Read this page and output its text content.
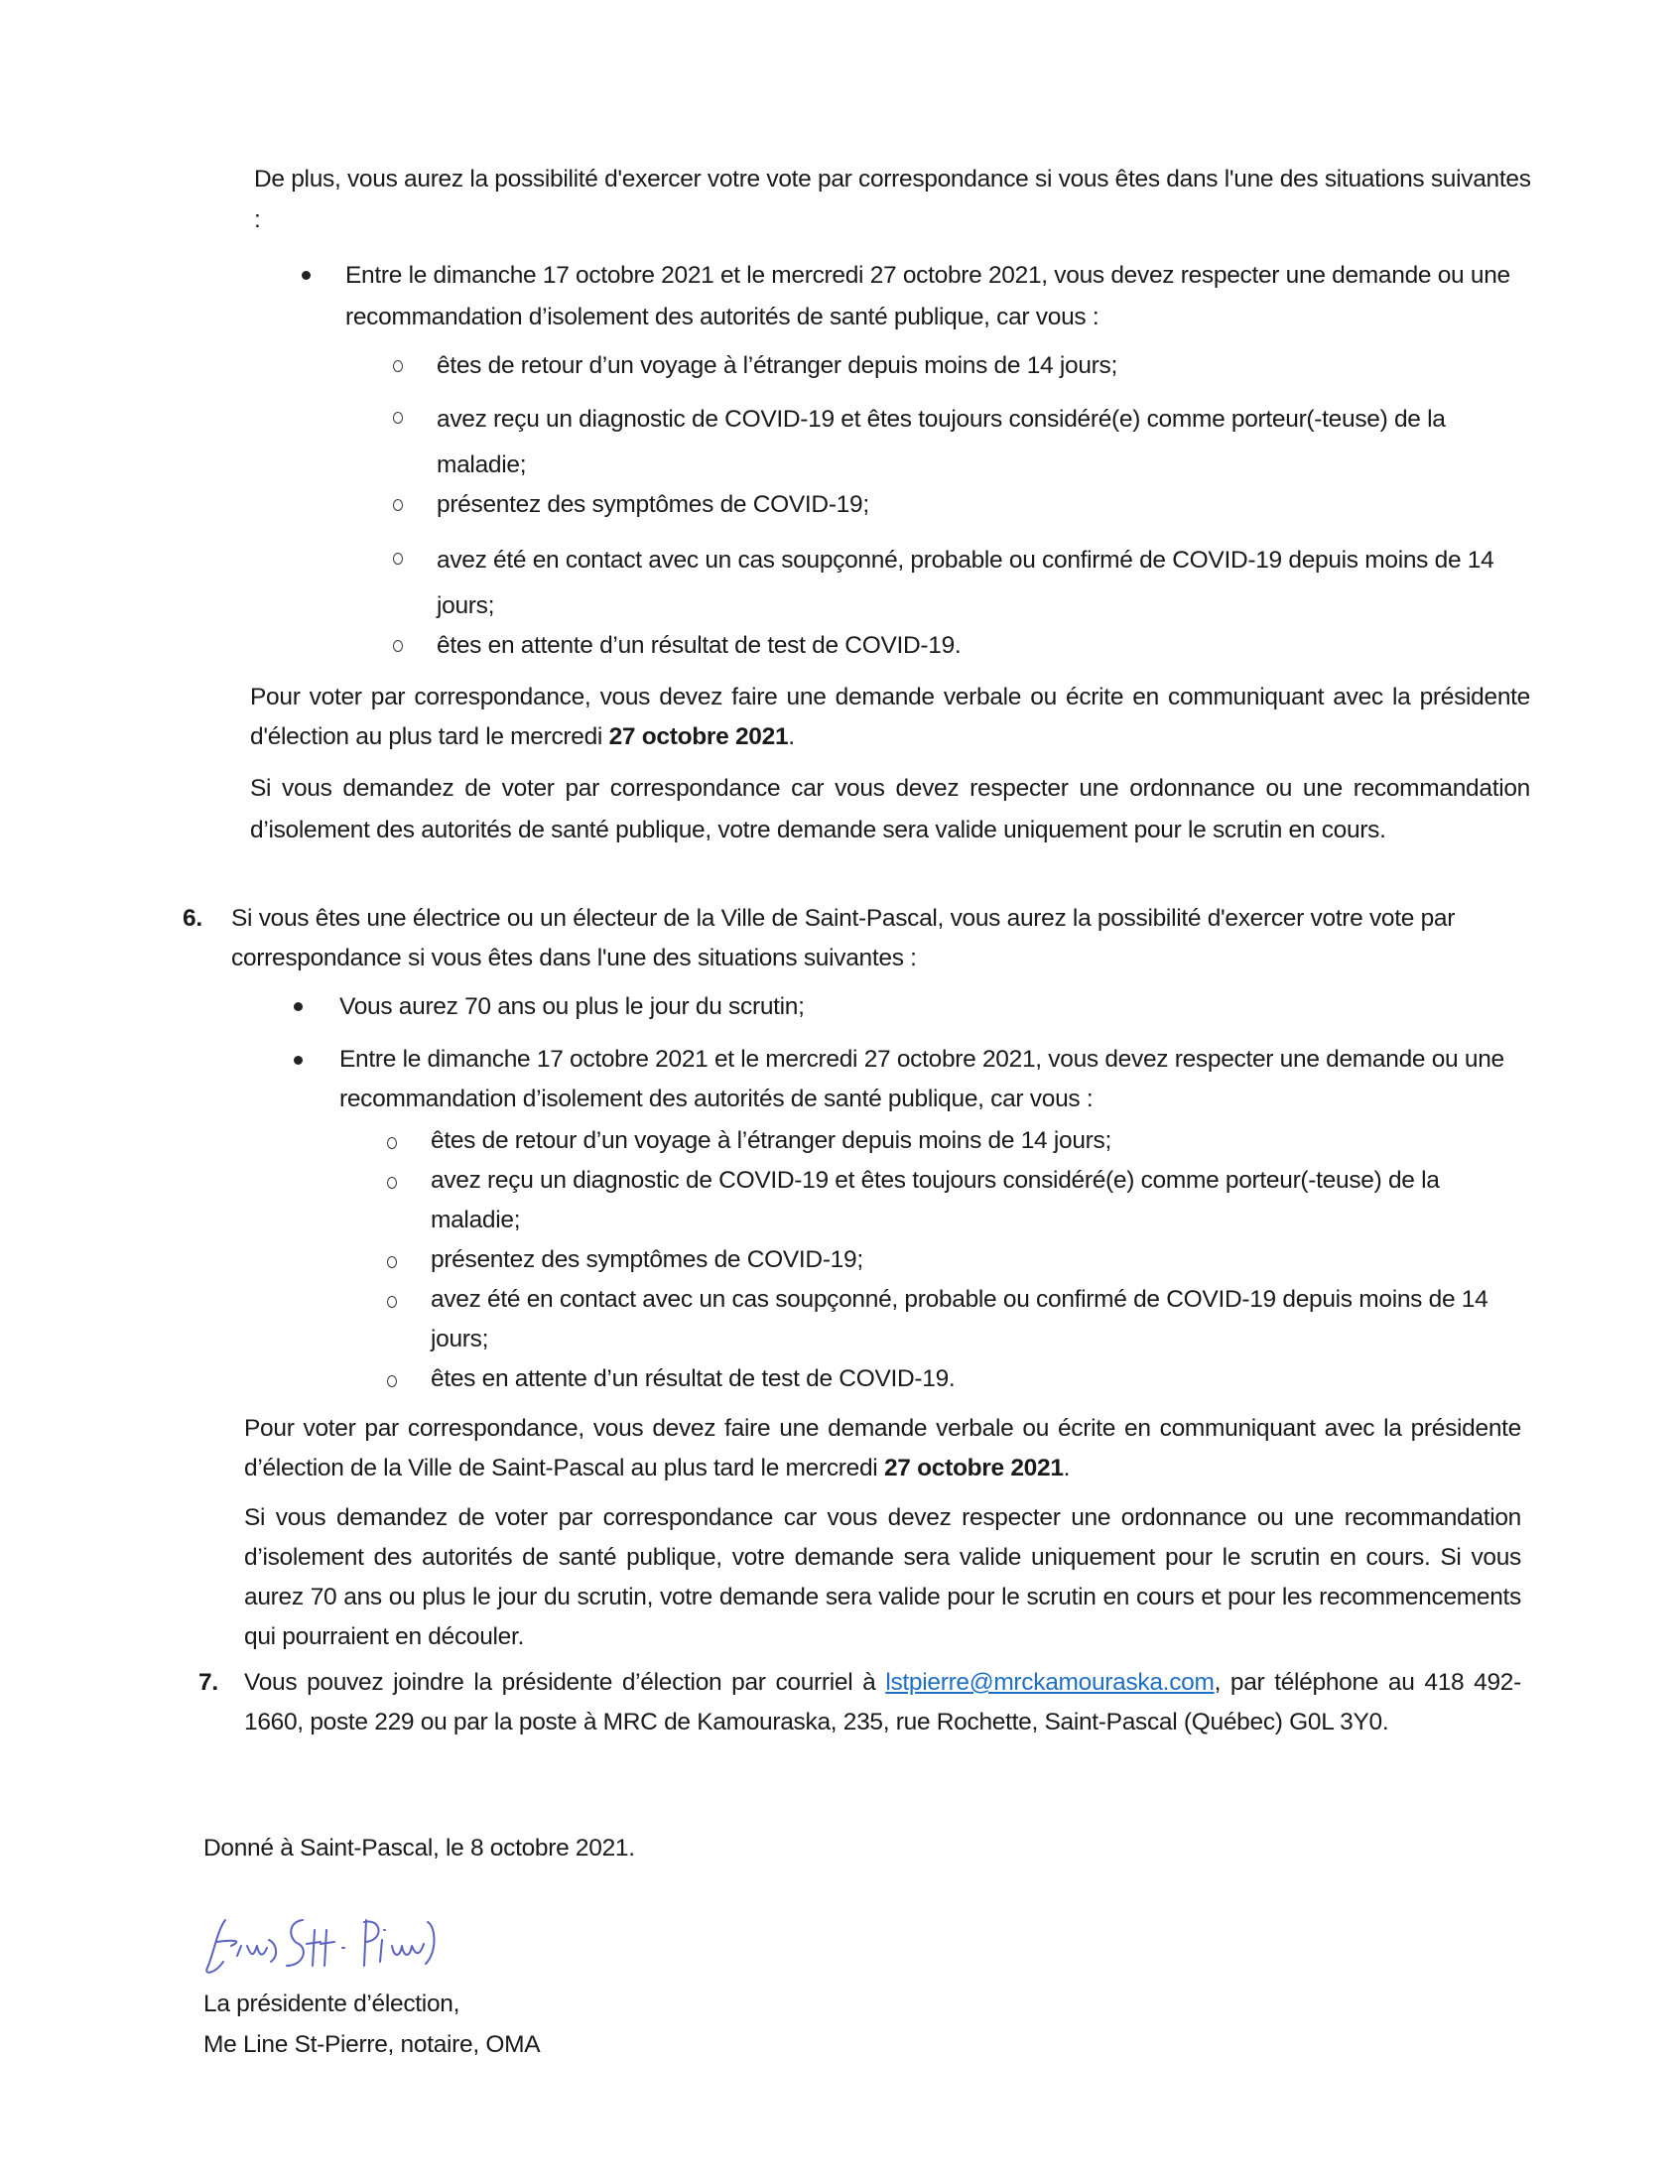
De plus, vous aurez la possibilité d'exercer votre vote par correspondance si vous êtes dans l'une des situations suivantes :

Entre le dimanche 17 octobre 2021 et le mercredi 27 octobre 2021, vous devez respecter une demande ou une recommandation d’isolement des autorités de santé publique, car vous :

êtes de retour d’un voyage à l’étranger depuis moins de 14 jours;

avez reçu un diagnostic de COVID-19 et êtes toujours considéré(e) comme porteur(-teuse) de la maladie;

présentez des symptômes de COVID-19;

avez été en contact avec un cas soupçonné, probable ou confirmé de COVID-19 depuis moins de 14 jours;

êtes en attente d’un résultat de test de COVID-19.

Pour voter par correspondance, vous devez faire une demande verbale ou écrite en communiquant avec la présidente d'élection au plus tard le mercredi 27 octobre 2021.

Si vous demandez de voter par correspondance car vous devez respecter une ordonnance ou une recommandation d’isolement des autorités de santé publique, votre demande sera valide uniquement pour le scrutin en cours.

6. Si vous êtes une électrice ou un électeur de la Ville de Saint-Pascal, vous aurez la possibilité d'exercer votre vote par correspondance si vous êtes dans l'une des situations suivantes :

Vous aurez 70 ans ou plus le jour du scrutin;

Entre le dimanche 17 octobre 2021 et le mercredi 27 octobre 2021, vous devez respecter une demande ou une recommandation d’isolement des autorités de santé publique, car vous :

êtes de retour d’un voyage à l’étranger depuis moins de 14 jours;

avez reçu un diagnostic de COVID-19 et êtes toujours considéré(e) comme porteur(-teuse) de la maladie;

présentez des symptômes de COVID-19;

avez été en contact avec un cas soupçonné, probable ou confirmé de COVID-19 depuis moins de 14 jours;

êtes en attente d’un résultat de test de COVID-19.

Pour voter par correspondance, vous devez faire une demande verbale ou écrite en communiquant avec la présidente d’élection de la Ville de Saint-Pascal au plus tard le mercredi 27 octobre 2021.

Si vous demandez de voter par correspondance car vous devez respecter une ordonnance ou une recommandation d’isolement des autorités de santé publique, votre demande sera valide uniquement pour le scrutin en cours. Si vous aurez 70 ans ou plus le jour du scrutin, votre demande sera valide pour le scrutin en cours et pour les recommencements qui pourraient en découler.

7. Vous pouvez joindre la présidente d’élection par courriel à lstpierre@mrckamouraska.com, par téléphone au 418 492-1660, poste 229 ou par la poste à MRC de Kamouraska, 235, rue Rochette, Saint-Pascal (Québec) G0L 3Y0.

Donné à Saint-Pascal, le 8 octobre 2021.

La présidente d’élection,

Me Line St-Pierre, notaire, OMA
